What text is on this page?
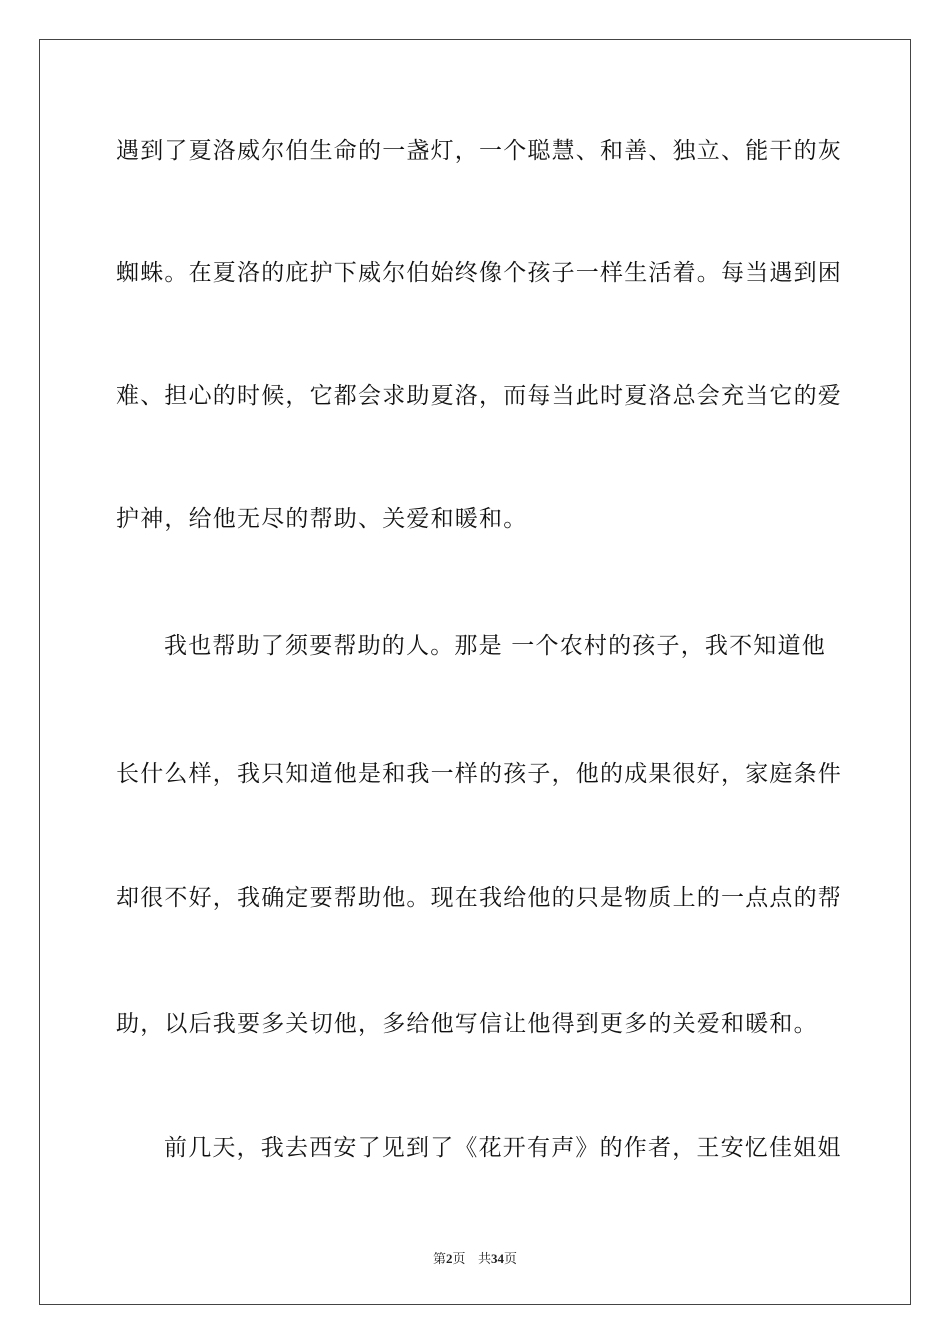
遇到了夏洛威尔伯生命的一盏灯，一个聪慧、和善、独立、能干的灰
蜘蛛。在夏洛的庇护下威尔伯始终像个孩子一样生活着。每当遇到困
难、担心的时候，它都会求助夏洛，而每当此时夏洛总会充当它的爱
护神，给他无尽的帮助、关爱和暖和。
我也帮助了须要帮助的人。那是 一个农村的孩子，我不知道他
长什么样，我只知道他是和我一样的孩子，他的成果很好，家庭条件
却很不好，我确定要帮助他。现在我给他的只是物质上的一点点的帮
助，以后我要多关切他，多给他写信让他得到更多的关爱和暖和。
前几天，我去西安了见到了《花开有声》的作者，王安忆佳姐姐
第2页 共34页
